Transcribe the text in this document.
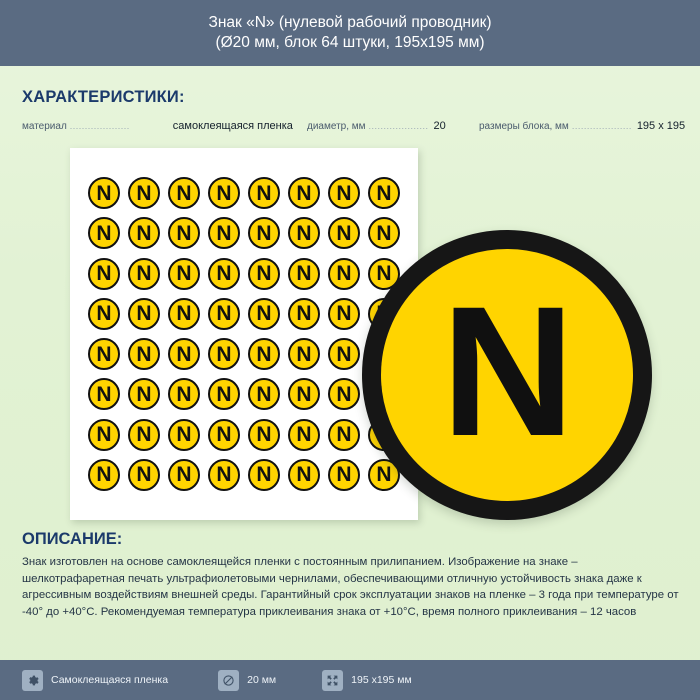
Знак «N» (нулевой рабочий проводник)
(Ø20 мм, блок 64 штуки, 195х195 мм)
ХАРАКТЕРИСТИКИ:
материал ....................	самоклеящаяся пленка диаметр, мм .................... 20	размеры блока, мм .................... 195 x 195
N	N	N	N	N	N	N	N
N	N	N	N	N	N	N	N
N	N	N	N	N	N	N	N
N	N	N	N	N	N	N
N	N	N	N	N	N	N
N	N	N	N	N	N	N
N	N	N	N	N	N	N
N	N	N	N	N	N	N	N N
ОПИСАНИЕ:
Знак изготовлен на основе самоклеящейся пленки с постоянным прилипанием. Изображение на знаке – шелкотрафаретная печать ультрафиолетовыми чернилами, обеспечивающими отличную устойчивость знака даже к агрессивным воздействиям внешней среды. Гарантийный срок эксплуатации знаков на пленке – 3 года при температуре от -40° до +40°С. Рекомендуемая температура приклеивания знака от +10°С, время полного приклеивания – 12 часов
Самоклеящаяся пленка	20 мм	195 х195 мм
